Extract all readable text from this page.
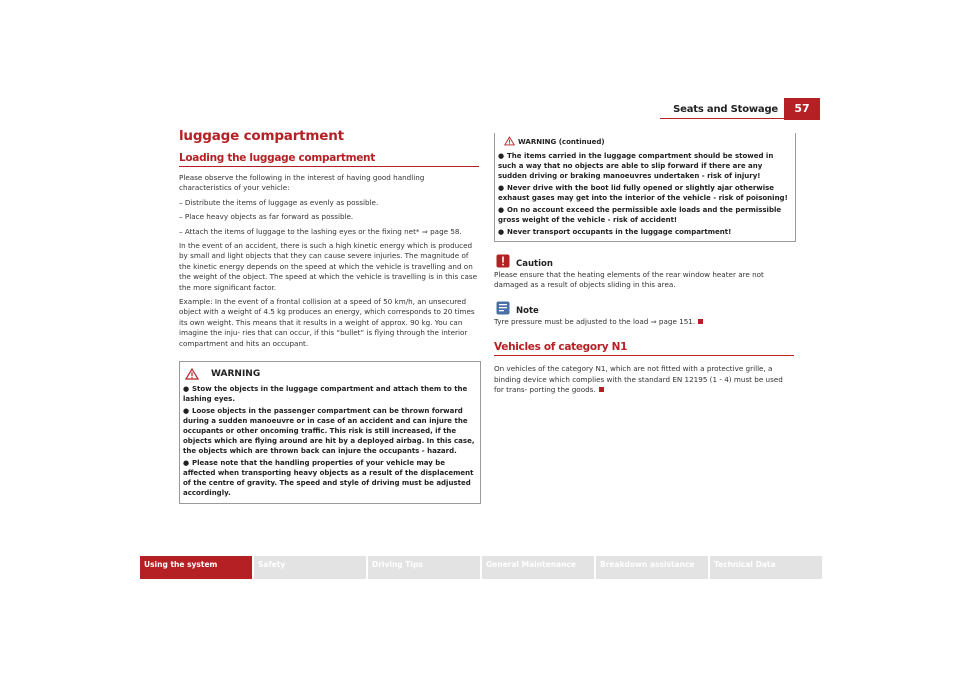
Seats and Stowage	57
luggage compartment
Loading the luggage compartment

Please observe the following in the interest of having good handling characteristics of your vehicle:

– Distribute the items of luggage as evenly as possible.

– Place heavy objects as far forward as possible.

– Attach the items of luggage to the lashing eyes or the fixing net* ⇒ page 58.

In the event of an accident, there is such a high kinetic energy which is produced by small and light objects that they can cause severe injuries. The magnitude of the kinetic energy depends on the speed at which the vehicle is travelling and on the weight of the object. The speed at which the vehicle is travelling is in this case the more significant factor.

Example: In the event of a frontal collision at a speed of 50 km/h, an unsecured object with a weight of 4.5 kg produces an energy, which corresponds to 20 times its own weight. This means that it results in a weight of approx. 90 kg. You can imagine the inju- ries that can occur, if this “bullet” is flying through the interior compartment and hits an occupant.

WARNING
● Stow the objects in the luggage compartment and attach them to the lashing eyes.
● Loose objects in the passenger compartment can be thrown forward during a sudden manoeuvre or in case of an accident and can injure the occupants or other oncoming traffic. This risk is still increased, if the objects which are flying around are hit by a deployed airbag. In this case, the objects which are thrown back can injure the occupants - hazard.
● Please note that the handling properties of your vehicle may be affected when transporting heavy objects as a result of the displacement of the centre of gravity. The speed and style of driving must be adjusted accordingly.
WARNING (continued)
● The items carried in the luggage compartment should be stowed in such a way that no objects are able to slip forward if there are any sudden driving or braking manoeuvres undertaken - risk of injury!
● Never drive with the boot lid fully opened or slightly ajar otherwise exhaust gases may get into the interior of the vehicle - risk of poisoning!
● On no account exceed the permissible axle loads and the permissible gross weight of the vehicle - risk of accident!
● Never transport occupants in the luggage compartment!
Caution

Please ensure that the heating elements of the rear window heater are not damaged as a result of objects sliding in this area.

Note

Tyre pressure must be adjusted to the load ⇒ page 151.

Vehicles of category N1

On vehicles of the category N1, which are not fitted with a protective grille, a binding device which complies with the standard EN 12195 (1 - 4) must be used for trans- porting the goods.

Using the system	Safety	Driving Tips	General Maintenance	Breakdown assistance	Technical Data
